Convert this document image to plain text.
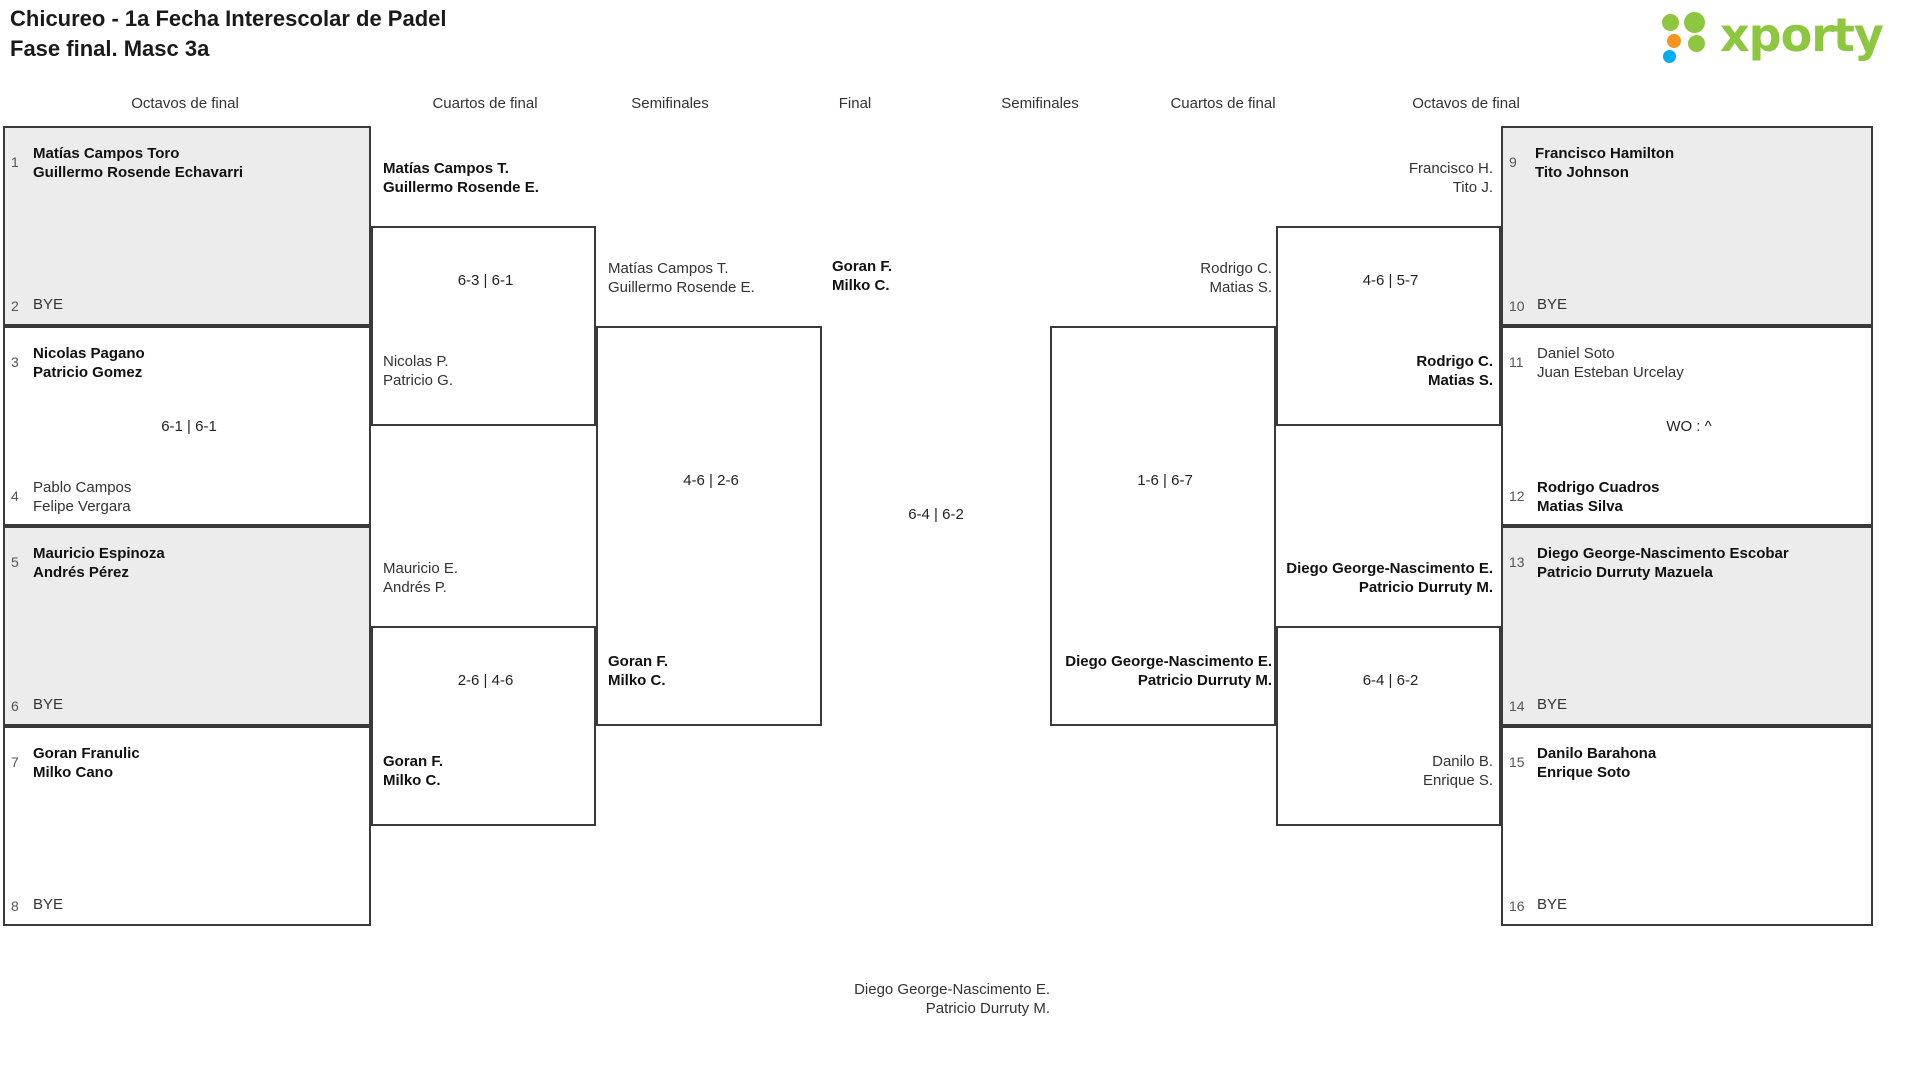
Chicureo - 1a Fecha Interescolar de Padel
Fase final. Masc 3a	xporty
Octavos de final	Cuartos de final	Semifinales	Final	Semifinales	Cuartos de final	Octavos de final
1 Matías Campos Toro
Guillermo Rosende Echavarri
2 BYE
3 Nicolas Pagano
Patricio Gomez
6-1 | 6-1
4 Pablo Campos
Felipe Vergara
5 Mauricio Espinoza
Andrés Pérez
6 BYE
7 Goran Franulic
Milko Cano
8 BYE
Matías Campos T.
Guillermo Rosende E.
6-3 | 6-1
Nicolas P.
Patricio G.
Mauricio E.
Andrés P.
2-6 | 4-6
Goran F.
Milko C.
Matías Campos T.
Guillermo Rosende E.
4-6 | 2-6
Goran F.
Milko C.
Goran F.
Milko C.
6-4 | 6-2
Diego George-Nascimento E.
Patricio Durruty M.
Rodrigo C.
Matias S.
1-6 | 6-7
Diego George-Nascimento E.
Patricio Durruty M.
Francisco H.
Tito J.
4-6 | 5-7
Rodrigo C.
Matias S.
Diego George-Nascimento E.
Patricio Durruty M.
6-4 | 6-2
Danilo B.
Enrique S.
9 Francisco Hamilton
Tito Johnson
10 BYE
11 Daniel Soto
Juan Esteban Urcelay
WO : ^
12 Rodrigo Cuadros
Matias Silva
13 Diego George-Nascimento Escobar
Patricio Durruty Mazuela
14 BYE
15 Danilo Barahona
Enrique Soto
16 BYE
